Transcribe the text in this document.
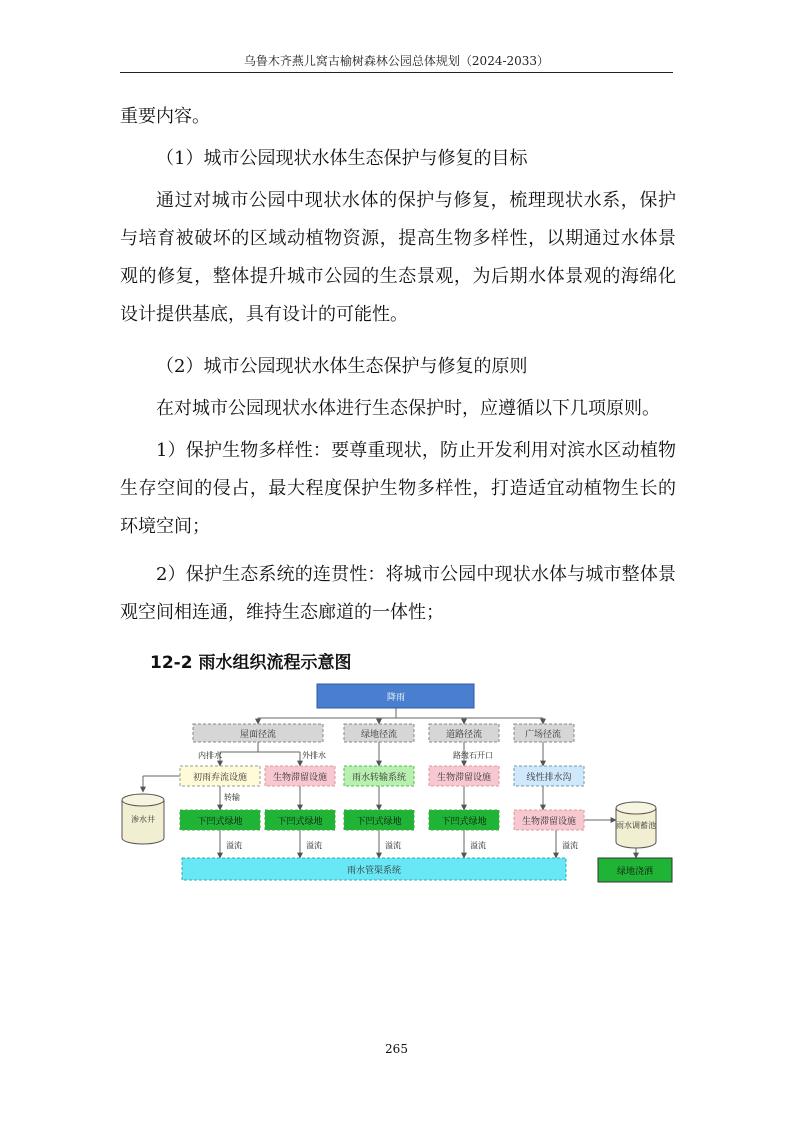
乌鲁木齐燕儿窝古榆树森林公园总体规划（2024-2033）

重要内容。

（1）城市公园现状水体生态保护与修复的目标

通过对城市公园中现状水体的保护与修复，梳理现状水系，保护与培育被破坏的区域动植物资源，提高生物多样性，以期通过水体景观的修复，整体提升城市公园的生态景观，为后期水体景观的海绵化设计提供基底，具有设计的可能性。

（2）城市公园现状水体生态保护与修复的原则

在对城市公园现状水体进行生态保护时，应遵循以下几项原则。

1）保护生物多样性：要尊重现状，防止开发利用对滨水区动植物生存空间的侵占，最大程度保护生物多样性，打造适宜动植物生长的环境空间；

2）保护生态系统的连贯性：将城市公园中现状水体与城市整体景观空间相连通，维持生态廊道的一体性；

12-2 雨水组织流程示意图
降雨
屋面径流	绿地径流	道路径流	广场径流
内排水	外排水	路缘石开口
初雨弃流设施	生物滞留设施	雨水转输系统	生物滞留设施	线性排水沟
渗水井
转输
下凹式绿地	下凹式绿地	下凹式绿地	下凹式绿地	生物滞留设施	雨水调蓄池
溢流	溢流	溢流	溢流	溢流
雨水管渠系统	绿地浇洒
265
